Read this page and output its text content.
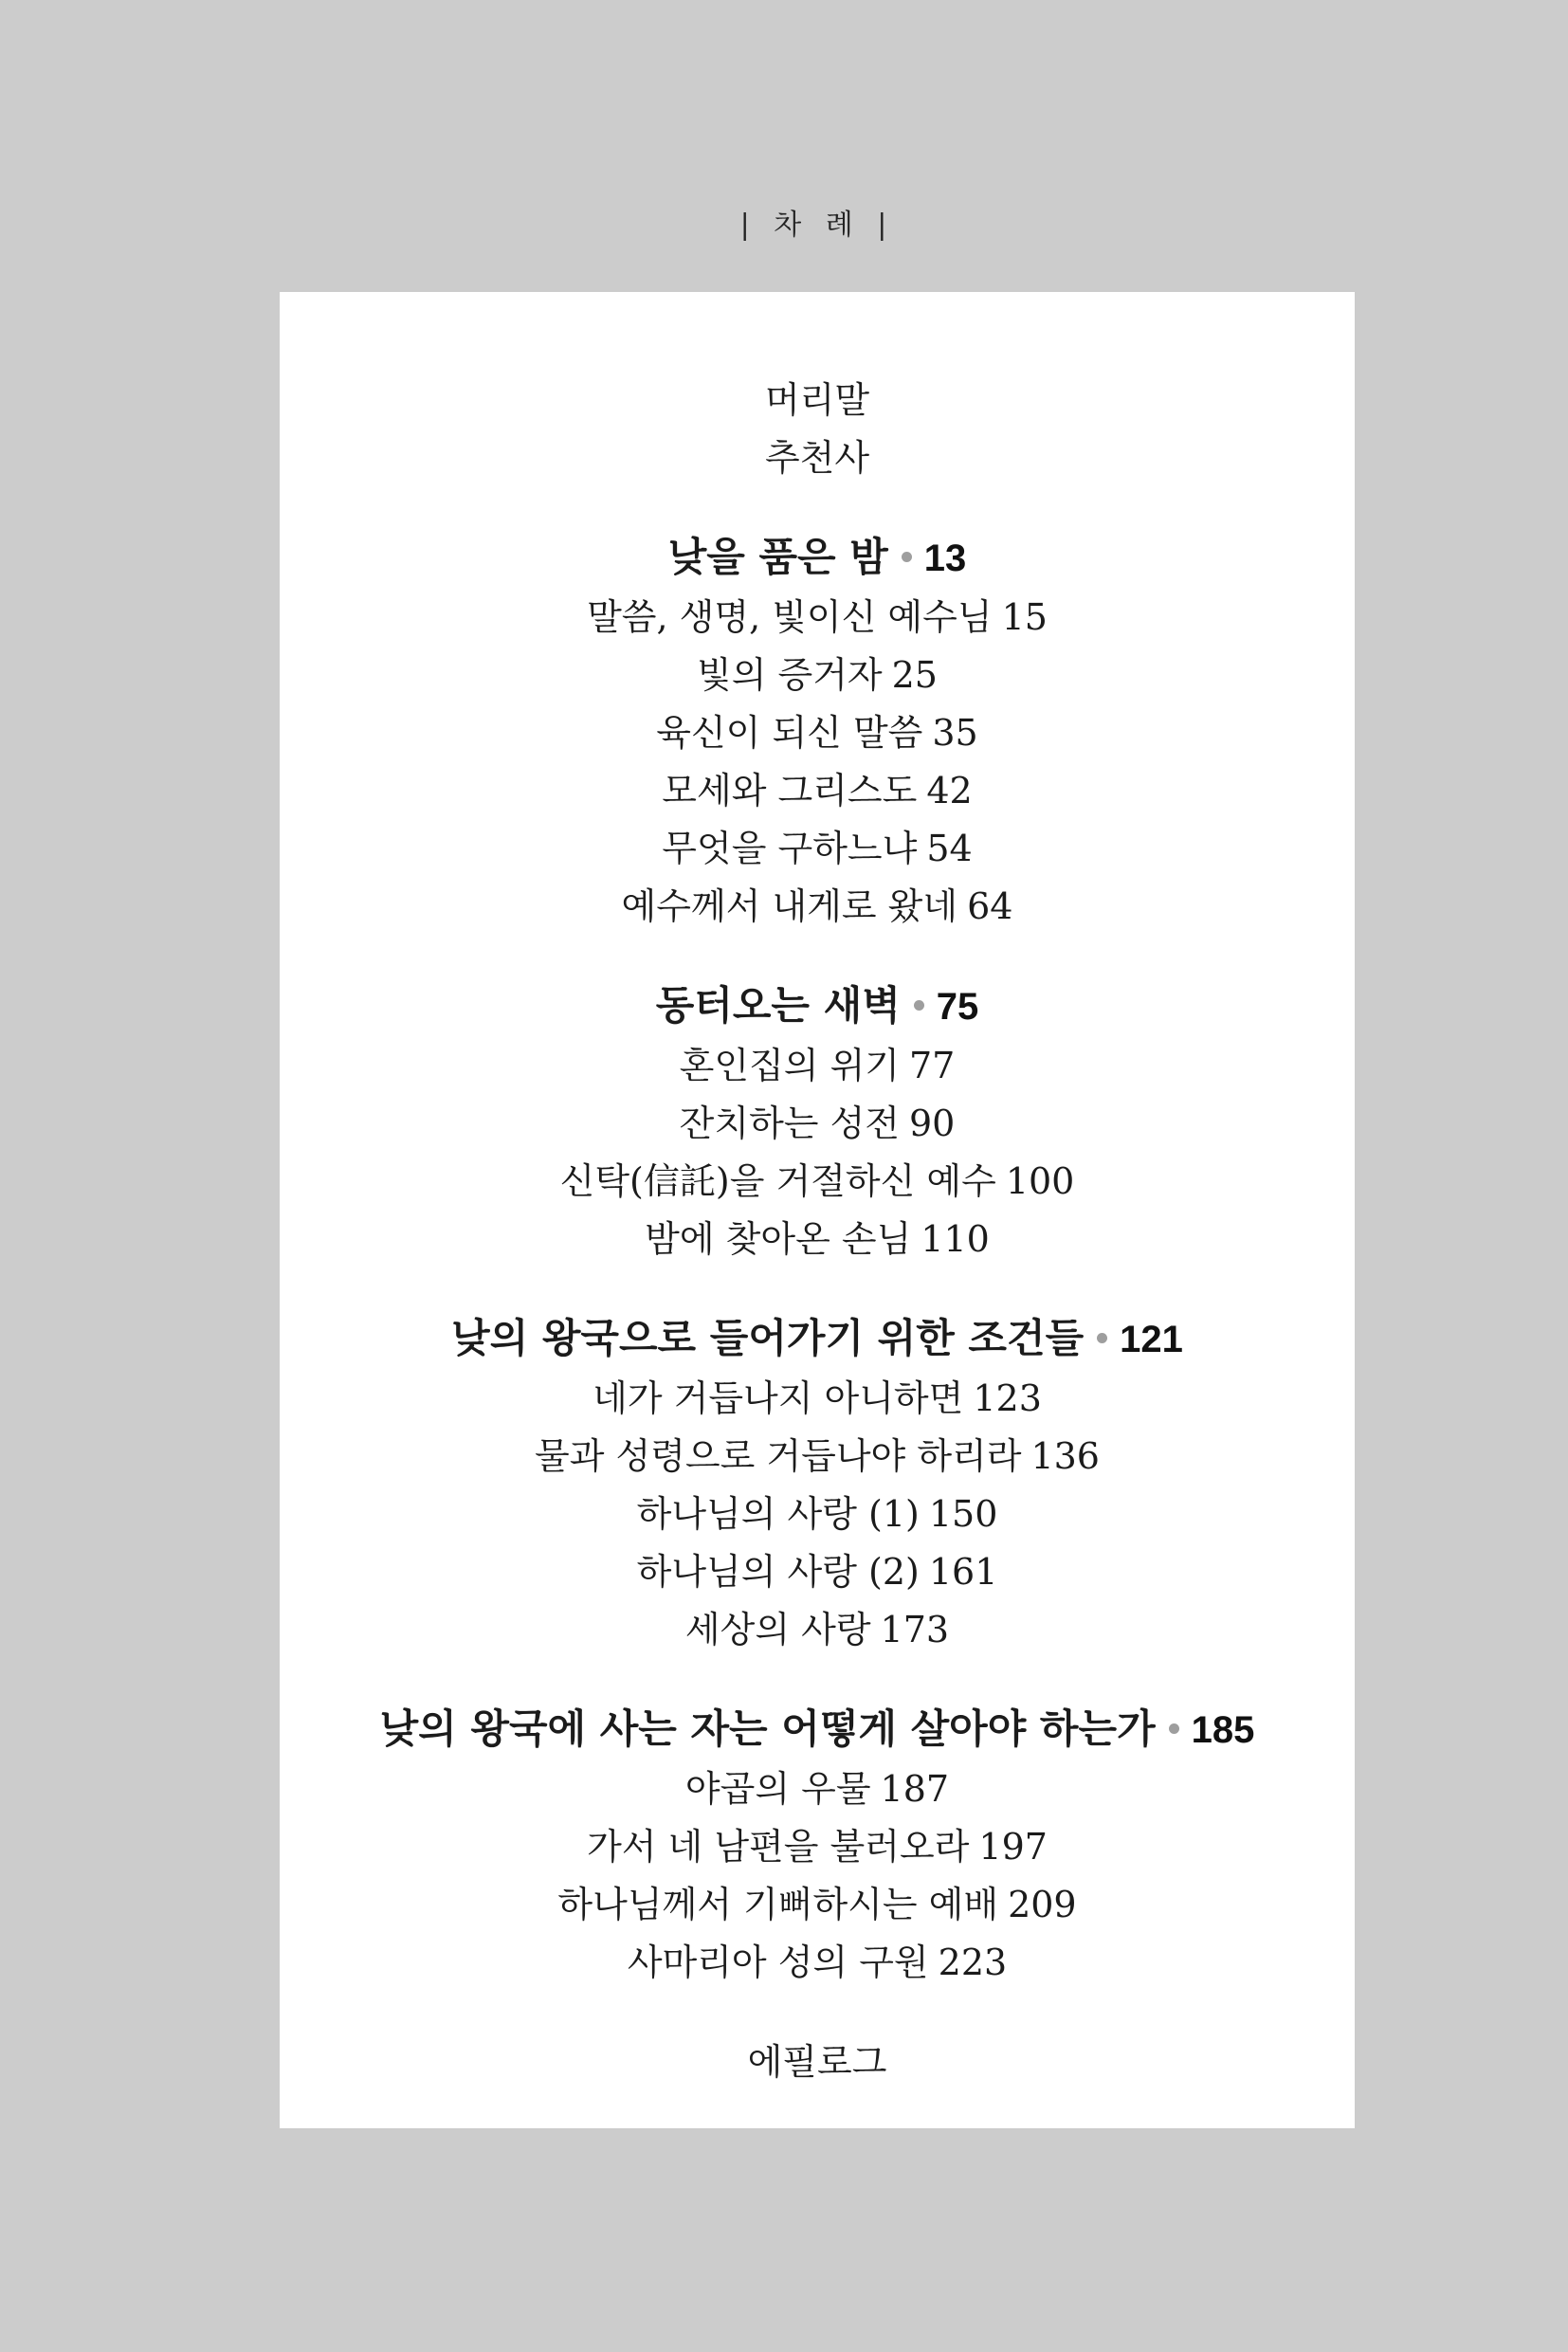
| 차 례 |
머리말
추천사
낮을 품은 밤 13
말씀, 생명, 빛이신 예수님 15
빛의 증거자 25
육신이 되신 말씀 35
모세와 그리스도 42
무엇을 구하느냐 54
예수께서 내게로 왔네 64
동터오는 새벽 75
혼인집의 위기 77
잔치하는 성전 90
신탁(信託)을 거절하신 예수 100
밤에 찾아온 손님 110
낮의 왕국으로 들어가기 위한 조건들 121
네가 거듭나지 아니하면 123
물과 성령으로 거듭나야 하리라 136
하나님의 사랑 (1) 150
하나님의 사랑 (2) 161
세상의 사랑 173
낮의 왕국에 사는 자는 어떻게 살아야 하는가 185
야곱의 우물 187
가서 네 남편을 불러오라 197
하나님께서 기뻐하시는 예배 209
사마리아 성의 구원 223
에필로그
